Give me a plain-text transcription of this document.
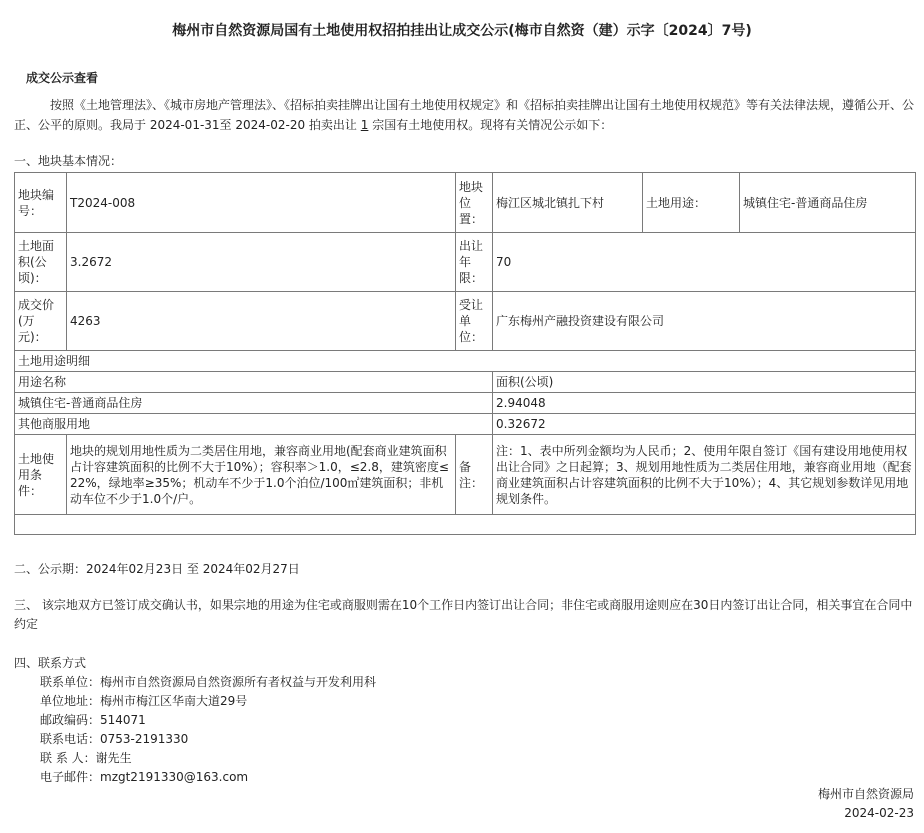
梅州市自然资源局国有土地使用权招拍挂出让成交公示(梅市自然资（建）示字〔2024〕7号)
成交公示查看
   按照《土地管理法》、《城市房地产管理法》、《招标拍卖挂牌出让国有土地使用权规定》和《招标拍卖挂牌出让国有土地使用权规范》等有关法律法规，遵循公开、公正、公平的原则。我局于 2024-01-31至 2024-02-20 拍卖出让 1 宗国有土地使用权。现将有关情况公示如下：
一、地块基本情况：
地块编号：	T2024-008	地块位置：	梅江区城北镇扎下村	土地用途：	城镇住宅-普通商品住房
土地面积(公顷)：	3.2672	出让年限：	70		
成交价(万元)：	4263	受让单位：	广东梅州产融投资建设有限公司		
土地用途明细					
用途名称			面积(公顷)		
城镇住宅-普通商品住房			2.94048		
其他商服用地			0.32672		
土地使用条件：	地块的规划用地性质为二类居住用地，兼容商业用地(配套商业建筑面积占计容建筑面积的比例不大于10%）；容积率＞1.0，≤2.8，建筑密度≤22%，绿地率≥35%；机动车不少于1.0个泊位/100㎡建筑面积；非机动车位不少于1.0个/户。	备注：	注：1、表中所列金额均为人民币；2、使用年限自签订《国有建设用地使用权出让合同》之日起算；3、规划用地性质为二类居住用地，兼容商业用地（配套商业建筑面积占计容建筑面积的比例不大于10%）；4、其它规划参数详见用地规划条件。		

二、公示期：2024年02月23日 至 2024年02月27日
三、 该宗地双方已签订成交确认书，如果宗地的用途为住宅或商服则需在10个工作日内签订出让合同；非住宅或商服用途则应在30日内签订出让合同，相关事宜在合同中约定
四、联系方式
联系单位：梅州市自然资源局自然资源所有者权益与开发利用科
单位地址：梅州市梅江区华南大道29号
邮政编码：514071
联系电话：0753-2191330
联 系 人：谢先生
电子邮件：mzgt2191330@163.com
梅州市自然资源局
2024-02-23
